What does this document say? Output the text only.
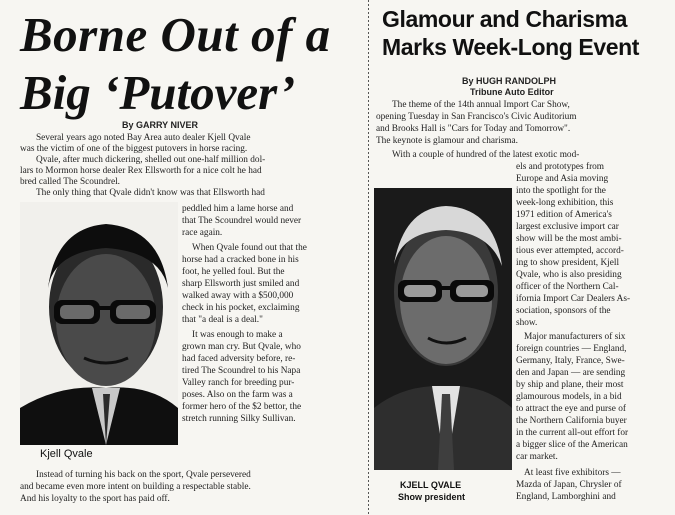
Borne Out of a
Big ‘Putover’
By GARRY NIVER
Several years ago noted Bay Area auto dealer Kjell Qvale
was the victim of one of the biggest putovers in horse racing.
Qvale, after much dickering, shelled out one-half million dol-
lars to Mormon horse dealer Rex Ellsworth for a nice colt he had
bred called The Scoundrel.
The only thing that Qvale didn't know was that Ellsworth had
peddled him a lame horse and
that The Scoundrel would never
race again.
When Qvale found out that the
horse had a cracked bone in his
foot, he yelled foul. But the
sharp Ellsworth just smiled and
walked away with a $500,000
check in his pocket, exclaiming
that "a deal is a deal."
It was enough to make a
grown man cry. But Qvale, who
had faced adversity before, re-
tired The Scoundrel to his Napa
Valley ranch for breeding pur-
poses. Also on the farm was a
former hero of the $2 bettor, the
stretch running Silky Sullivan.
Kjell Qvale
Instead of turning his back on the sport, Qvale persevered
and became even more intent on building a respectable stable.
And his loyalty to the sport has paid off.
Glamour and Charisma
Marks Week-Long Event
By HUGH RANDOLPH
Tribune Auto Editor
The theme of the 14th annual Import Car Show,
opening Tuesday in San Francisco's Civic Auditorium
and Brooks Hall is "Cars for Today and Tomorrow".
The keynote is glamour and charisma.
With a couple of hundred of the latest exotic mod-
KJELL QVALE
Show president
els and prototypes from
Europe and Asia moving
into the spotlight for the
week-long exhibition, this
1971 edition of America's
largest exclusive import car
show will be the most ambi-
tious ever attempted, accord-
ing to show president, Kjell
Qvale, who is also presiding
officer of the Northern Cal-
ifornia Import Car Dealers As-
sociation, sponsors of the
show.
Major manufacturers of six
foreign countries — England,
Germany, Italy, France, Swe-
den and Japan — are sending
by ship and plane, their most
glamourous models, in a bid
to attract the eye and purse of
the Northern California buyer
in the current all-out effort for
a bigger slice of the American
car market.
At least five exhibitors —
Mazda of Japan, Chrysler of
England, Lamborghini and
